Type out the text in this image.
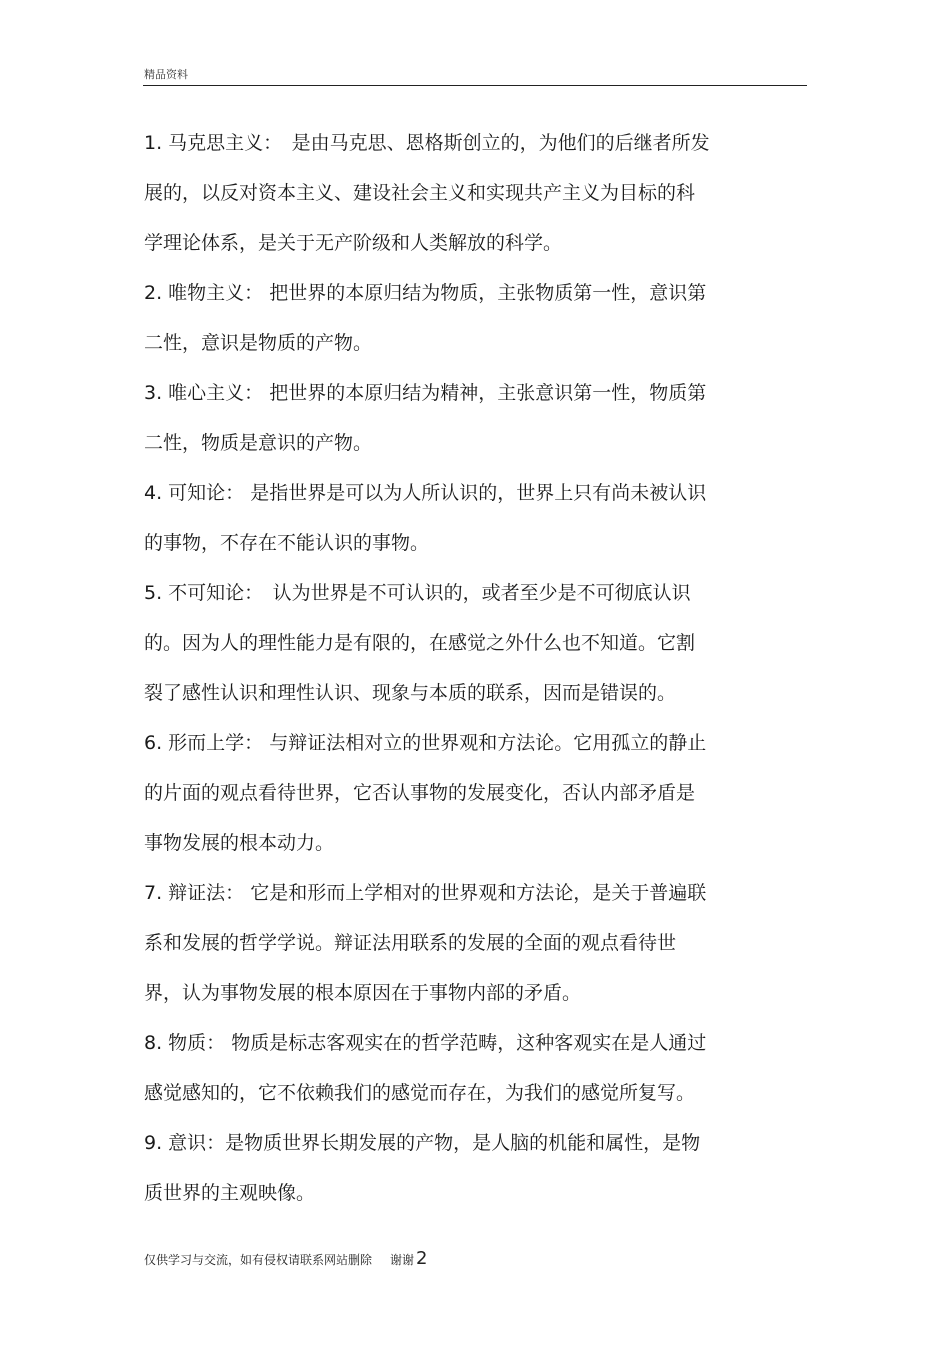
精品资料
1. 马克思主义：　是由马克思、恩格斯创立的，为他们的后继者所发
展的，以反对资本主义、建设社会主义和实现共产主义为目标的科
学理论体系，是关于无产阶级和人类解放的科学。
2. 唯物主义： 把世界的本原归结为物质，主张物质第一性，意识第
二性，意识是物质的产物。
3. 唯心主义： 把世界的本原归结为精神，主张意识第一性，物质第
二性，物质是意识的产物。
4. 可知论： 是指世界是可以为人所认识的，世界上只有尚未被认识
的事物，不存在不能认识的事物。
5. 不可知论：　认为世界是不可认识的，或者至少是不可彻底认识
的。因为人的理性能力是有限的，在感觉之外什么也不知道。它割
裂了感性认识和理性认识、现象与本质的联系，因而是错误的。
6. 形而上学： 与辩证法相对立的世界观和方法论。它用孤立的静止
的片面的观点看待世界，它否认事物的发展变化，否认内部矛盾是
事物发展的根本动力。
7. 辩证法： 它是和形而上学相对的世界观和方法论，是关于普遍联
系和发展的哲学学说。辩证法用联系的发展的全面的观点看待世
界，认为事物发展的根本原因在于事物内部的矛盾。
8. 物质： 物质是标志客观实在的哲学范畴，这种客观实在是人通过
感觉感知的，它不依赖我们的感觉而存在，为我们的感觉所复写。
9. 意识：是物质世界长期发展的产物，是人脑的机能和属性，是物
质世界的主观映像。
仅供学习与交流，如有侵权请联系网站删除 谢谢 2
